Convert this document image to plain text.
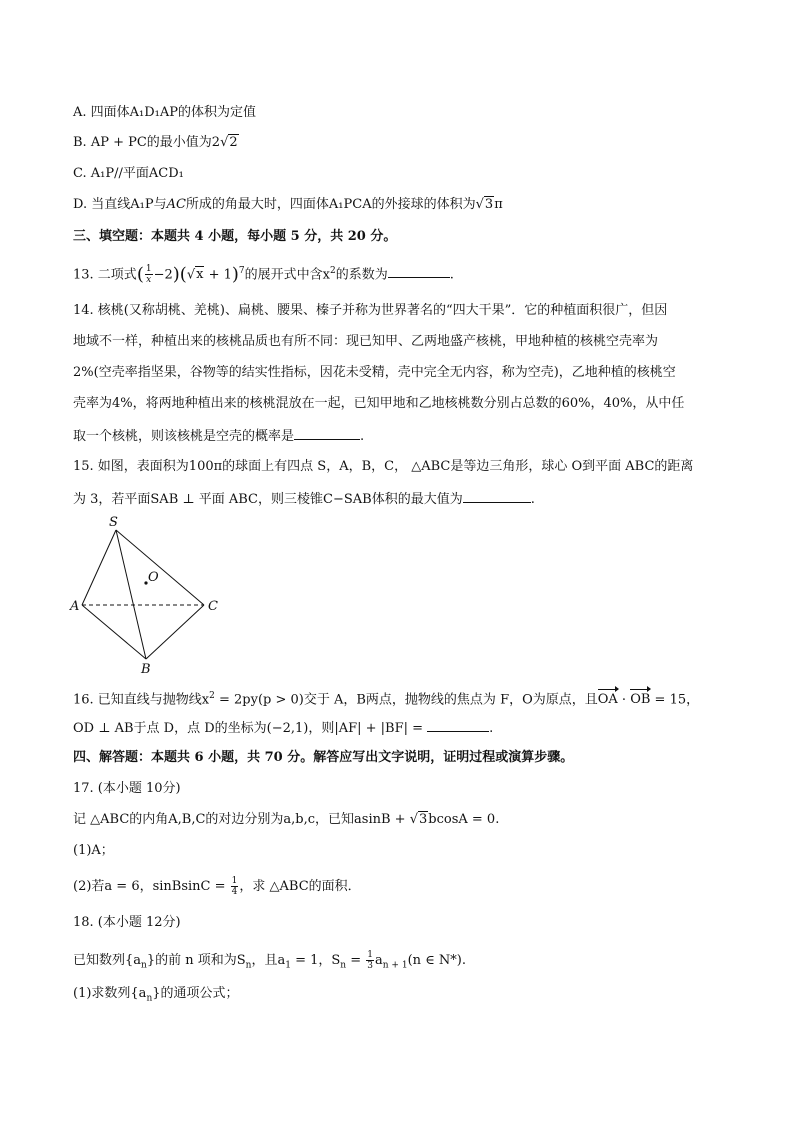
A. 四面体A₁D₁AP的体积为定值
B. AP + PC的最小值为2√2
C. A₁P//平面ACD₁
D. 当直线A₁P与AC所成的角最大时，四面体A₁PCA的外接球的体积为√3π
三、填空题：本题共 4 小题，每小题 5 分，共 20 分。
13. 二项式( $\frac{1}{x} -2)(√x + 1)^7$的展开式中含$x^2$的系数为	.
14. 核桃(又称胡桃、羌桃)、扁桃、腰果、榛子并称为世界著名的“四大干果”．它的种植面积很广，但因
地域不一样，种植出来的核桃品质也有所不同：现已知甲、乙两地盛产核桃，甲地种植的核桃空壳率为
2%(空壳率指坚果，谷物等的结实性指标，因花未受精，壳中完全无内容，称为空壳)，乙地种植的核桃空
壳率为4%，将两地种植出来的核桃混放在一起，已知甲地和乙地核桃数分别占总数的60%，40%，从中任
取一个核桃，则该核桃是空壳的概率是	.
15. 如图，表面积为100π的球面上有四点 S，A，B，C， △ABC是等边三角形，球心 O到平面 ABC的距离
为 3，若平面SAB ⊥ 平面 ABC，则三棱锥C−SAB体积的最大值为	.
S
O
A	C
B
16. 已知直线与抛物线$x^2 = 2py(p > 0)$交于 A，B两点，抛物线的焦点为 F，O为原点，且OA · OB = 15，
OD ⊥ AB于点 D，点 D的坐标为(−2,1)，则|AF| + |BF| =	.
四、解答题：本题共 6 小题，共 70 分。解答应写出文字说明，证明过程或演算步骤。
17. (本小题 10分)
记 △ABC的内角A,B,C的对边分别为a,b,c，已知asinB + √3bcosA = 0.
(1)A；
(2)若a = 6，sinBsinC = $\frac{1}{4}$ ，求 △ABC的面积．
18. (本小题 12分)
已知数列$\{a_n\}$的前 n 项和为$S_n$，且$a_1 = 1$，$S_n = \frac{1}{3} a_{n + 1}(n$ ∈ N*).
(1)求数列$\{a_n\}$的通项公式；
